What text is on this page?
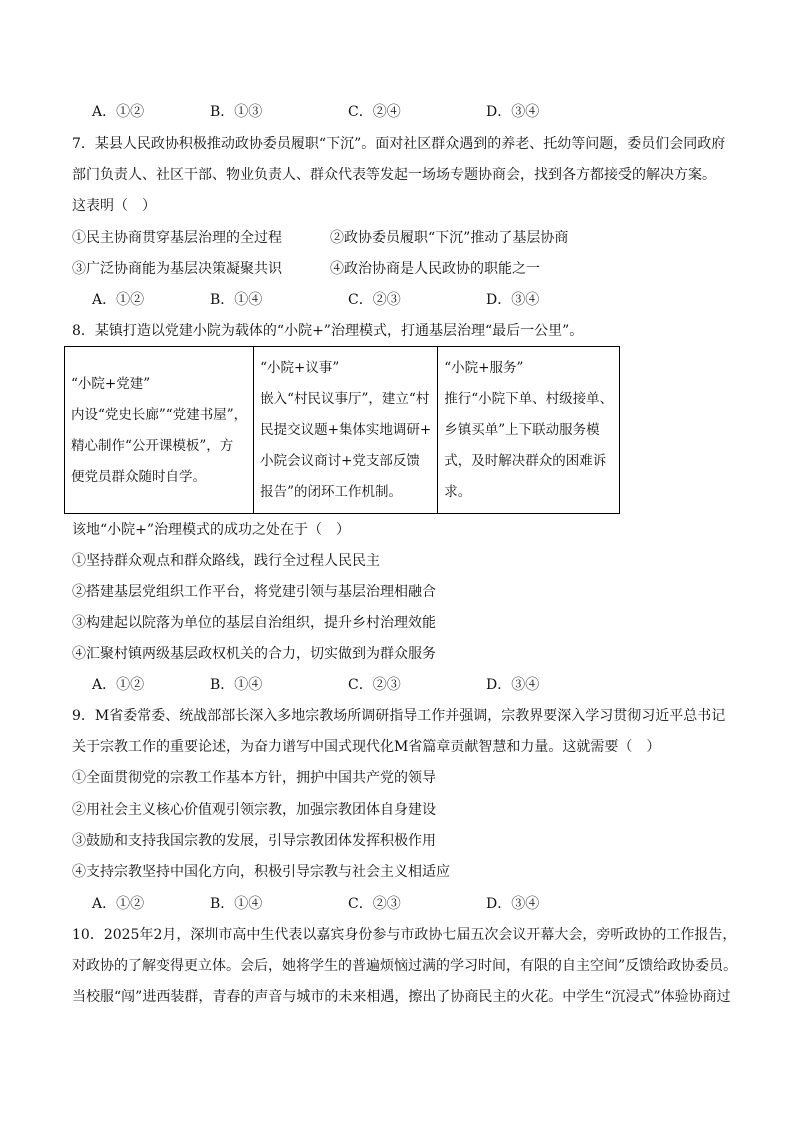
A．①②	B．①③	C．②④	D．③④
7．某县人民政协积极推动政协委员履职“下沉”。面对社区群众遇到的养老、托幼等问题，委员们会同政府
部门负责人、社区干部、物业负责人、群众代表等发起一场场专题协商会，找到各方都接受的解决方案。
这表明（　）
①民主协商贯穿基层治理的全过程	②政协委员履职“下沉”推动了基层协商
③广泛协商能为基层决策凝聚共识	④政治协商是人民政协的职能之一
A．①②	B．①④	C．②③	D．③④
8．某镇打造以党建小院为载体的“小院+”治理模式，打通基层治理“最后一公里”。
“小院+党建”
内设“党史长廊”“党建书屋”，
精心制作“公开课模板”，方
便党员群众随时自学。

“小院+议事”
嵌入“村民议事厅”，建立“村
民提交议题+集体实地调研+
小院会议商讨+党支部反馈
报告”的闭环工作机制。

“小院+服务”
推行“小院下单、村级接单、
乡镇买单”上下联动服务模
式，及时解决群众的困难诉
求。
该地“小院+”治理模式的成功之处在于（　）
①坚持群众观点和群众路线，践行全过程人民民主
②搭建基层党组织工作平台，将党建引领与基层治理相融合
③构建起以院落为单位的基层自治组织，提升乡村治理效能
④汇聚村镇两级基层政权机关的合力，切实做到为群众服务
A．①②	B．①④	C．②③	D．③④
9．M省委常委、统战部部长深入多地宗教场所调研指导工作并强调，宗教界要深入学习贯彻习近平总书记
关于宗教工作的重要论述，为奋力谱写中国式现代化M省篇章贡献智慧和力量。这就需要（　）
①全面贯彻党的宗教工作基本方针，拥护中国共产党的领导
②用社会主义核心价值观引领宗教，加强宗教团体自身建设
③鼓励和支持我国宗教的发展，引导宗教团体发挥积极作用
④支持宗教坚持中国化方向，积极引导宗教与社会主义相适应
A．①②	B．①④	C．②③	D．③④
10．2025年2月，深圳市高中生代表以嘉宾身份参与市政协七届五次会议开幕大会，旁听政协的工作报告，
对政协的了解变得更立体。会后，她将学生的普遍烦恼过满的学习时间，有限的自主空间”反馈给政协委员。
当校服“闯”进西装群，青春的声音与城市的未来相遇，擦出了协商民主的火花。中学生“沉浸式”体验协商过
